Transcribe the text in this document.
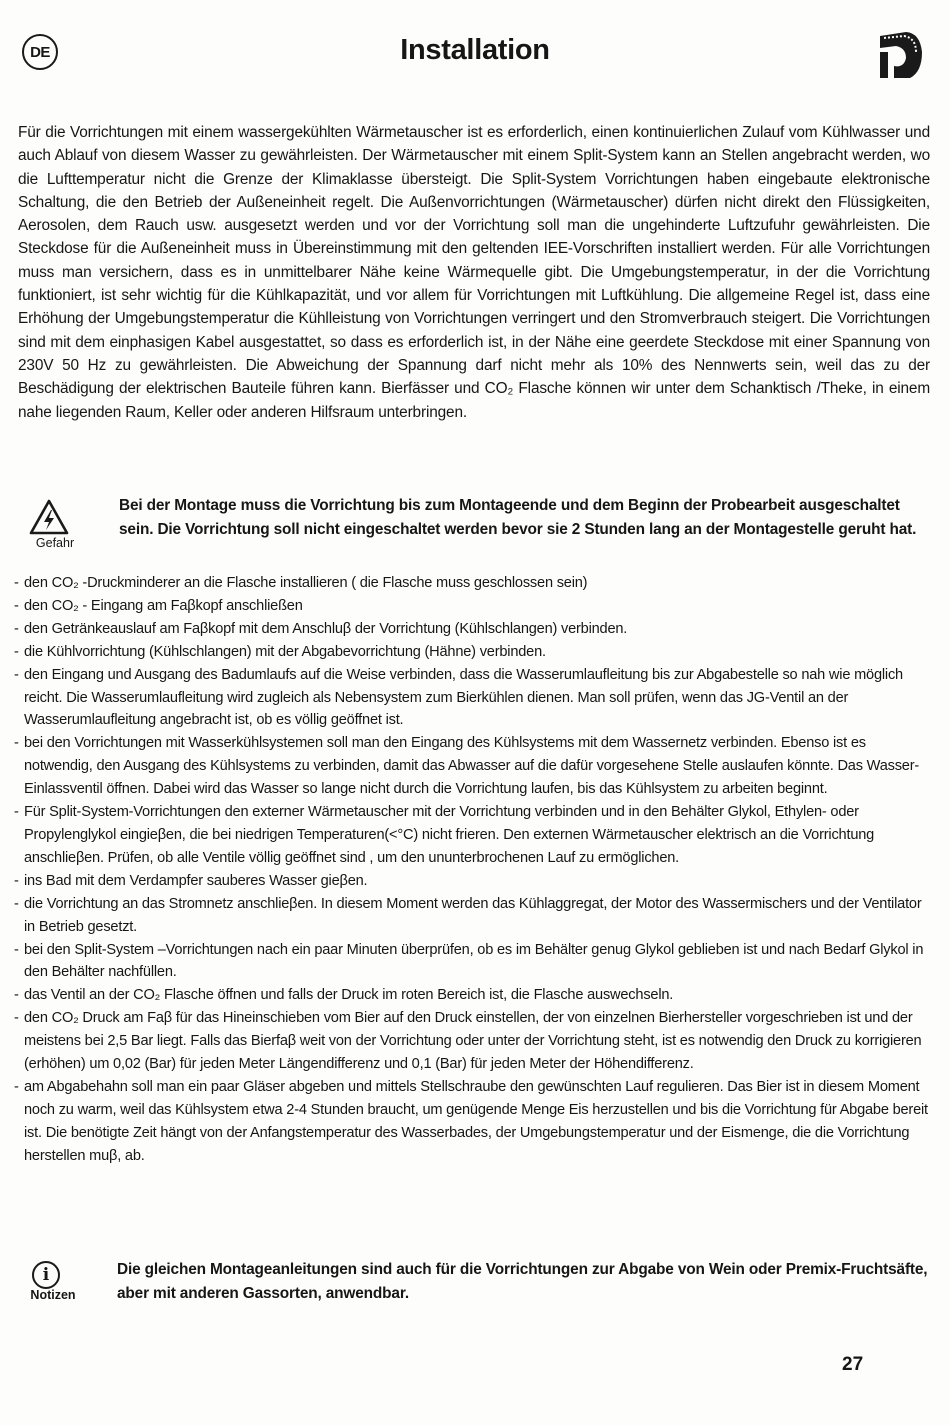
DE	Installation

Für die Vorrichtungen mit einem wassergekühlten Wärmetauscher ist es erforderlich, einen kontinuierlichen Zulauf vom Kühlwasser und auch Ablauf von diesem Wasser zu gewährleisten. Der Wärmetauscher mit einem Split-System kann an Stellen angebracht werden, wo die Lufttemperatur nicht die Grenze der Klimaklasse übersteigt. Die Split-System Vorrichtungen haben eingebaute elektronische Schaltung, die den Betrieb der Außeneinheit regelt. Die Außenvorrichtungen (Wärmetauscher) dürfen nicht direkt den Flüssigkeiten, Aerosolen, dem Rauch usw. ausgesetzt werden und vor der Vorrichtung soll man die ungehinderte Luftzufuhr gewährleisten. Die Steckdose für die Außeneinheit muss in Übereinstimmung mit den geltenden IEE-Vorschriften installiert werden. Für alle Vorrichtungen muss man versichern, dass es in unmittelbarer Nähe keine Wärmequelle gibt. Die Umgebungstemperatur, in der die Vorrichtung funktioniert, ist sehr wichtig für die Kühlkapazität, und vor allem für Vorrichtungen mit Luftkühlung. Die allgemeine Regel ist, dass eine Erhöhung der Umgebungstemperatur die Kühlleistung von Vorrichtungen verringert und den Stromverbrauch steigert. Die Vorrichtungen sind mit dem einphasigen Kabel ausgestattet, so dass es erforderlich ist, in der Nähe eine geerdete Steckdose mit einer Spannung von 230V 50 Hz zu gewährleisten. Die Abweichung der Spannung darf nicht mehr als 10% des Nennwerts sein, weil das zu der Beschädigung der elektrischen Bauteile führen kann. Bierfässer und CO₂ Flasche können wir unter dem Schanktisch /Theke, in einem nahe liegenden Raum, Keller oder anderen Hilfsraum unterbringen.

Gefahr
Bei der Montage muss die Vorrichtung bis zum Montageende und dem Beginn der Probearbeit ausgeschaltet sein. Die Vorrichtung soll nicht eingeschaltet werden bevor sie 2 Stunden lang an der Montagestelle geruht hat.
- den CO₂ -Druckminderer an die Flasche installieren ( die Flasche muss geschlossen sein)
- den CO₂ - Eingang am Faβkopf anschließen
- den Getränkeauslauf am Faβkopf mit dem Anschluβ der Vorrichtung (Kühlschlangen) verbinden.
- die Kühlvorrichtung (Kühlschlangen) mit der Abgabevorrichtung (Hähne) verbinden.
- den Eingang und Ausgang des Badumlaufs auf die Weise verbinden, dass die Wasserumlaufleitung bis zur Abgabestelle so nah wie möglich reicht. Die Wasserumlaufleitung wird zugleich als Nebensystem zum Bierkühlen dienen. Man soll prüfen, wenn das JG-Ventil an der Wasserumlaufleitung angebracht ist, ob es völlig geöffnet ist.
- bei den Vorrichtungen mit Wasserkühlsystemen soll man den Eingang des Kühlsystems mit dem Wassernetz verbinden. Ebenso ist es notwendig, den Ausgang des Kühlsystems zu verbinden, damit das Abwasser auf die dafür vorgesehene Stelle auslaufen könnte. Das Wasser-Einlassventil öffnen. Dabei wird das Wasser so lange nicht durch die Vorrichtung laufen, bis das Kühlsystem zu arbeiten beginnt.
- Für Split-System-Vorrichtungen den externer Wärmetauscher mit der Vorrichtung verbinden und in den Behälter Glykol, Ethylen- oder Propylenglykol eingieβen, die bei niedrigen Temperaturen(<°C) nicht frieren. Den externen Wärmetauscher elektrisch an die Vorrichtung anschlieβen. Prüfen, ob alle Ventile völlig geöffnet sind , um den ununterbrochenen Lauf zu ermöglichen.
- ins Bad mit dem Verdampfer sauberes Wasser gieβen.
- die Vorrichtung an das Stromnetz anschlieβen. In diesem Moment werden das Kühlaggregat, der Motor des Wassermischers und der Ventilator in Betrieb gesetzt.
- bei den Split-System –Vorrichtungen nach ein paar Minuten überprüfen, ob es im Behälter genug Glykol geblieben ist und nach Bedarf Glykol in den Behälter nachfüllen.
- das Ventil an der CO₂ Flasche öffnen und falls der Druck im roten Bereich ist, die Flasche auswechseln.
- den CO₂ Druck am Faβ für das Hineinschieben vom Bier auf den Druck einstellen, der von einzelnen Bierhersteller vorgeschrieben ist und der meistens bei 2,5 Bar liegt. Falls das Bierfaβ weit von der Vorrichtung oder unter der Vorrichtung steht, ist es notwendig den Druck zu korrigieren (erhöhen) um 0,02 (Bar) für jeden Meter Längendifferenz und 0,1 (Bar) für jeden Meter der Höhendifferenz.
- am Abgabehahn soll man ein paar Gläser abgeben und mittels Stellschraube den gewünschten Lauf regulieren. Das Bier ist in diesem Moment noch zu warm, weil das Kühlsystem etwa 2-4 Stunden braucht, um genügende Menge Eis herzustellen und bis die Vorrichtung für Abgabe bereit ist. Die benötigte Zeit hängt von der Anfangstemperatur des Wasserbades, der Umgebungstemperatur und der Eismenge, die die Vorrichtung herstellen muβ, ab.
i
Notizen
Die gleichen Montageanleitungen sind auch für die Vorrichtungen zur Abgabe von Wein oder Premix-Fruchtsäfte, aber mit anderen Gassorten, anwendbar.
27
